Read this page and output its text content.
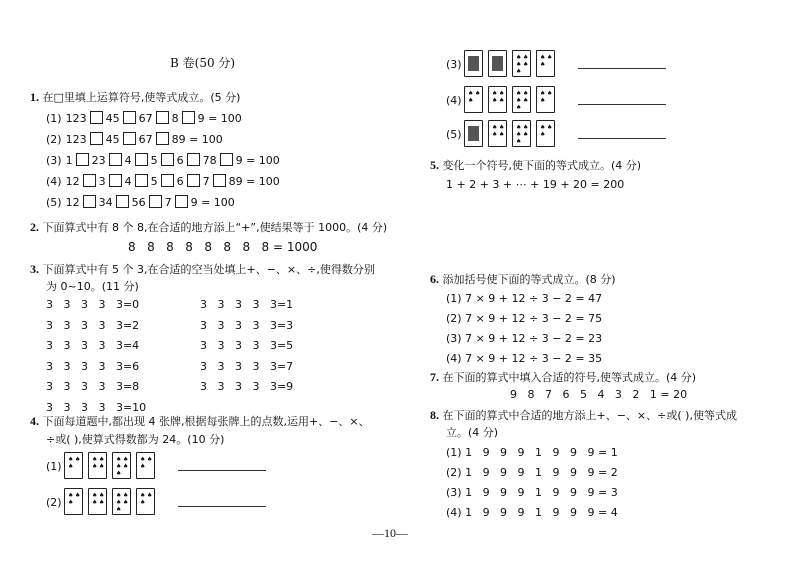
B 卷(50 分)
1. 在□里填上运算符号,使等式成立。(5 分)
(1) 123 45 67 8 9 = 100
(2) 123 45 67 89 = 100
(3) 1 23 4 5 6 78 9 = 100
(4) 12 3 4 5 6 7 89 = 100
(5) 12 34 56 7 9 = 100
2. 下面算式中有 8 个 8,在合适的地方添上“+”,使结果等于 1000。(4 分)
8   8   8   8   8   8   8   8 = 1000
3. 下面算式中有 5 个 3,在合适的空当处填上+、−、×、÷,使得数分别
为 0~10。(11 分)
3   3   3   3   3=0
3   3   3   3   3=2
3   3   3   3   3=4
3   3   3   3   3=6
3   3   3   3   3=8
3   3   3   3   3=10
3   3   3   3   3=1
3   3   3   3   3=3
3   3   3   3   3=5
3   3   3   3   3=7
3   3   3   3   3=9
4. 下面每道题中,都出现 4 张牌,根据每张牌上的点数,运用+、−、×、
÷或( ),使算式得数都为 24。(10 分)
(1)
(2)
(3)
(4)
(5)
♠ ♠
♠
♠ ♠
♠ ♠
♠ ♠
♠ ♠
♠
♠ ♠
♠
♠ ♠
♠
♠ ♠
♠ ♠
♠ ♠
♠ ♠
♠
♠ ♠
♠
♠ ♠
♠ ♠
♠
♠ ♠
♠
♠ ♠
♠
♠ ♠
♠ ♠
♠ ♠
♠ ♠
♠
♠ ♠
♠
♠ ♠
♠ ♠
♠ ♠
♠ ♠
♠
♠ ♠
♠
5. 变化一个符号,使下面的等式成立。(4 分)
1 + 2 + 3 + ⋯ + 19 + 20 = 200
6. 添加括号使下面的等式成立。(8 分)
(1) 7 × 9 + 12 ÷ 3 − 2 = 47
(2) 7 × 9 + 12 ÷ 3 − 2 = 75
(3) 7 × 9 + 12 ÷ 3 − 2 = 23
(4) 7 × 9 + 12 ÷ 3 − 2 = 35
7. 在下面的算式中填入合适的符号,使等式成立。(4 分)
9   8   7   6   5   4   3   2   1 = 20
8. 在下面的算式中合适的地方添上+、−、×、÷或( ),使等式成
立。(4 分)
(1) 1   9   9   9   1   9   9   9 = 1
(2) 1   9   9   9   1   9   9   9 = 2
(3) 1   9   9   9   1   9   9   9 = 3
(4) 1   9   9   9   1   9   9   9 = 4
—10—
